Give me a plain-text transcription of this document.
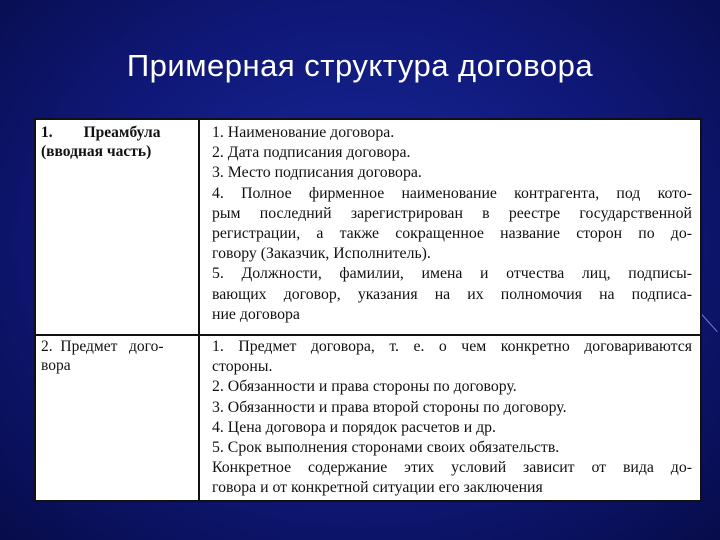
Примерная структура договора
1.        Преамбула
(вводная часть)
1. Наименование договора.
2. Дата подписания договора.
3. Место подписания договора.
4. Полное фирменное наименование контрагента, под кото-
рым последний зарегистрирован в реестре государственной
регистрации, а также сокращенное название сторон по до-
говору (Заказчик, Исполнитель).
5. Должности, фамилии, имена и отчества лиц, подписы-
вающих договор, указания на их полномочия на подписа-
ние договора
2.  Предмет   дого-
вора
1. Предмет договора, т. е. о чем конкретно договариваются
стороны.
2. Обязанности и права стороны по договору.
3. Обязанности и права второй стороны по договору.
4. Цена договора и порядок расчетов и др.
5. Срок выполнения сторонами своих обязательств.
Конкретное содержание этих условий зависит от вида до-
говора и от конкретной ситуации его заключения
